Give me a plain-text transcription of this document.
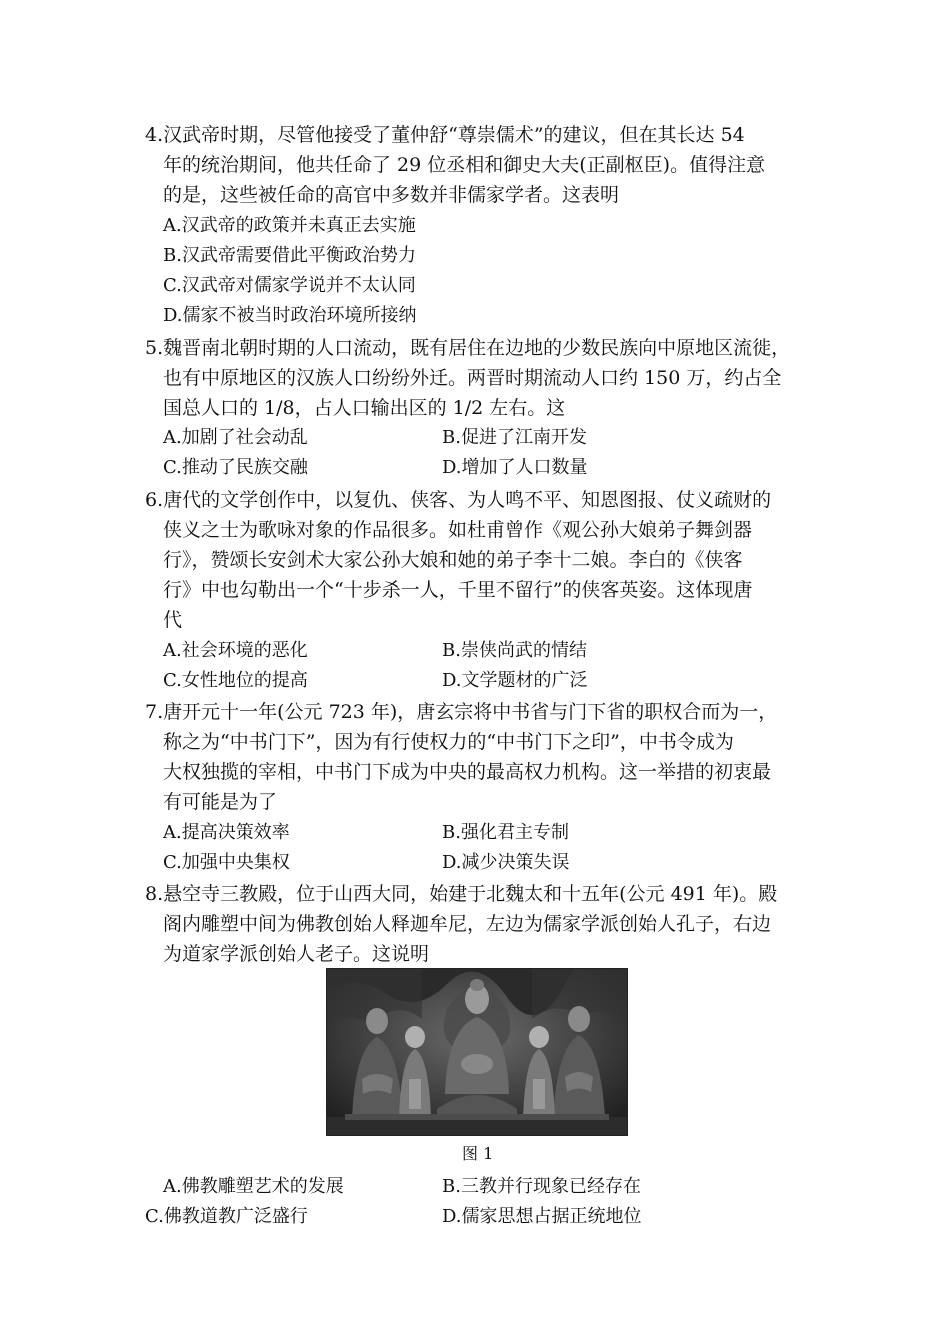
4.汉武帝时期，尽管他接受了董仲舒“尊崇儒术”的建议，但在其长达 54
年的统治期间，他共任命了 29 位丞相和御史大夫(正副枢臣)。值得注意
的是，这些被任命的高官中多数并非儒家学者。这表明
A.汉武帝的政策并未真正去实施
B.汉武帝需要借此平衡政治势力
C.汉武帝对儒家学说并不太认同
D.儒家不被当时政治环境所接纳
5.魏晋南北朝时期的人口流动，既有居住在边地的少数民族向中原地区流徙，
也有中原地区的汉族人口纷纷外迁。两晋时期流动人口约 150 万，约占全
国总人口的 1/8，占人口输出区的 1/2 左右。这
A.加剧了社会动乱	B.促进了江南开发
C.推动了民族交融	D.增加了人口数量
6.唐代的文学创作中，以复仇、侠客、为人鸣不平、知恩图报、仗义疏财的
侠义之士为歌咏对象的作品很多。如杜甫曾作《观公孙大娘弟子舞剑器
行》，赞颂长安剑术大家公孙大娘和她的弟子李十二娘。李白的《侠客
行》中也勾勒出一个“十步杀一人，千里不留行”的侠客英姿。这体现唐
代
A.社会环境的恶化	B.崇侠尚武的情结
C.女性地位的提高	D.文学题材的广泛
7.唐开元十一年(公元 723 年)，唐玄宗将中书省与门下省的职权合而为一，
称之为“中书门下”，因为有行使权力的“中书门下之印”，中书令成为
大权独揽的宰相，中书门下成为中央的最高权力机构。这一举措的初衷最
有可能是为了
A.提高决策效率	B.强化君主专制
C.加强中央集权	D.减少决策失误
8.悬空寺三教殿，位于山西大同，始建于北魏太和十五年(公元 491 年)。殿
阁内雕塑中间为佛教创始人释迦牟尼，左边为儒家学派创始人孔子，右边
为道家学派创始人老子。这说明
图 1
A.佛教雕塑艺术的发展	B.三教并行现象已经存在
C.佛教道教广泛盛行	D.儒家思想占据正统地位
